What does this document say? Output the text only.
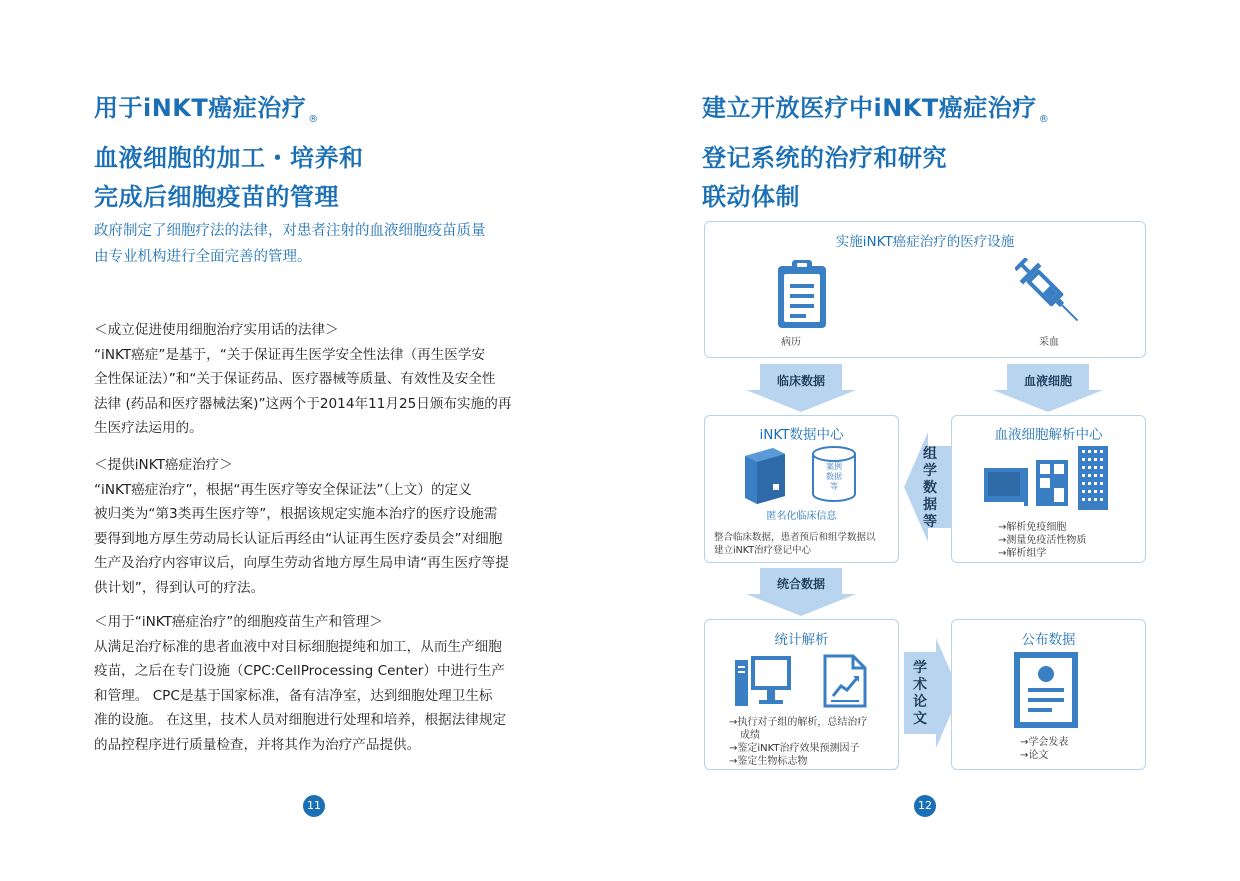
用于iNKT癌症治疗 $_®$
血液细胞的加工・培养和
完成后细胞疫苗的管理
政府制定了细胞疗法的法律，对患者注射的血液细胞疫苗质量
由专业机构进行全面完善的管理。
＜成立促进使用细胞治疗实用话的法律＞
“iNKT癌症”是基于，“关于保证再生医学安全性法律（再生医学安
全性保证法）”和“关于保证药品、医疗器械等质量、有效性及安全性
法律 (药品和医疗器械法案)”这两个于2014年11月25日颁布实施的再
生医疗法运用的。
＜提供iNKT癌症治疗＞
“iNKT癌症治疗”，根据“再生医疗等安全保证法”（上文）的定义
被归类为“第3类再生医疗等”，根据该规定实施本治疗的医疗设施需
要得到地方厚生劳动局长认证后再经由“认证再生医疗委员会”对细胞
生产及治疗内容审议后，向厚生劳动省地方厚生局申请“再生医疗等提
供计划”，得到认可的疗法。
＜用于“iNKT癌症治疗”的细胞疫苗生产和管理＞
从满足治疗标准的患者血液中对目标细胞提纯和加工，从而生产细胞
疫苗，之后在专门设施（CPC:CellProcessing Center）中进行生产
和管理。 CPC是基于国家标准，备有洁净室，达到细胞处理卫生标
准的设施。 在这里，技术人员对细胞进行处理和培养，根据法律规定
的品控程序进行质量检查，并将其作为治疗产品提供。
11
建立开放医疗中iNKT癌症治疗 $_®$
登记系统的治疗和研究
联动体制
实施iNKT癌症治疗的医疗设施
病历	采血
临床数据	血液细胞
iNKT数据中心
案例
数据
等
匿名化临床信息
整合临床数据，患者预后和组学数据以
建立iNKT治疗登记中心
组
学
数
据
等
血液细胞解析中心
→解析免疫细胞
→测量免疫活性物质
→解析组学
统合数据
统计解析
→执行对子组的解析，总结治疗
成绩
→鉴定iNKT治疗效果预测因子
→鉴定生物标志物
学
术
论
文
公布数据
→学会发表
→论文
12
